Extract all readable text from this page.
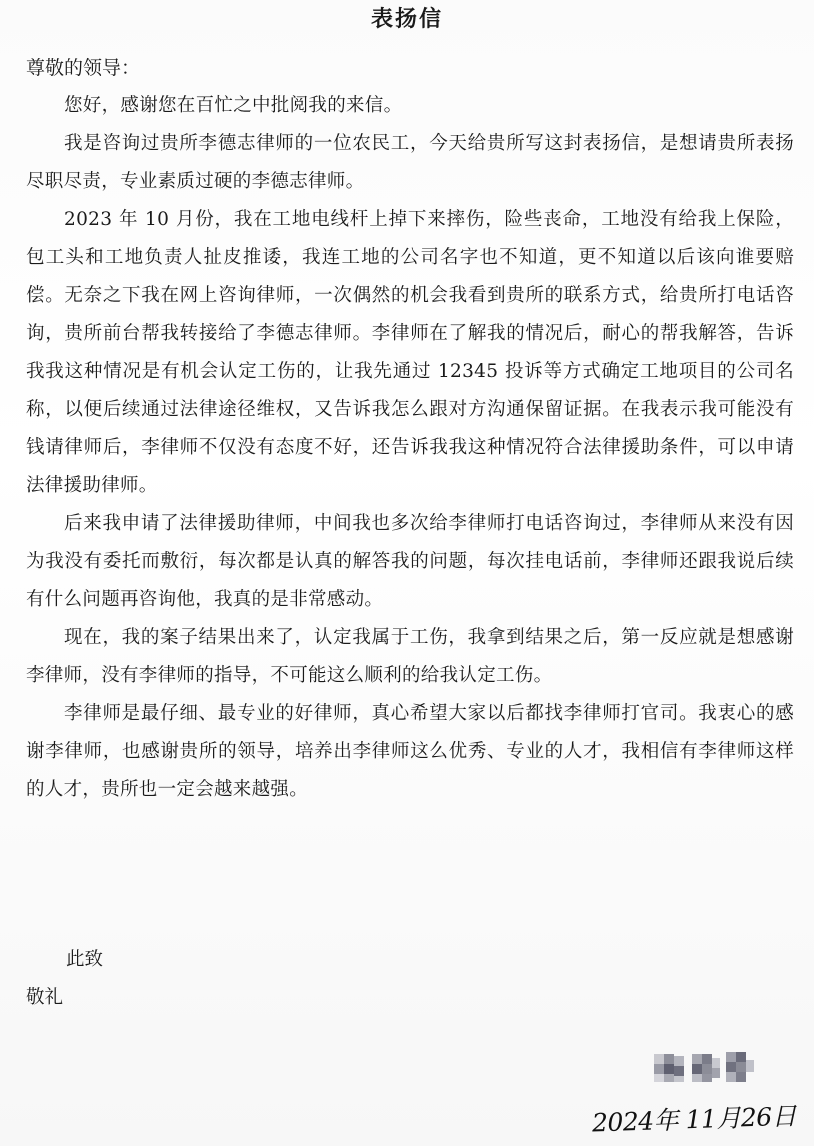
表扬信
尊敬的领导：

您好，感谢您在百忙之中批阅我的来信。

我是咨询过贵所李德志律师的一位农民工，今天给贵所写这封表扬信，是想请贵所表扬尽职尽责，专业素质过硬的李德志律师。

2023 年 10 月份，我在工地电线杆上掉下来摔伤，险些丧命，工地没有给我上保险，包工头和工地负责人扯皮推诿，我连工地的公司名字也不知道，更不知道以后该向谁要赔偿。无奈之下我在网上咨询律师，一次偶然的机会我看到贵所的联系方式，给贵所打电话咨询，贵所前台帮我转接给了李德志律师。李律师在了解我的情况后，耐心的帮我解答，告诉我我这种情况是有机会认定工伤的，让我先通过 12345 投诉等方式确定工地项目的公司名称，以便后续通过法律途径维权，又告诉我怎么跟对方沟通保留证据。在我表示我可能没有钱请律师后，李律师不仅没有态度不好，还告诉我我这种情况符合法律援助条件，可以申请法律援助律师。

后来我申请了法律援助律师，中间我也多次给李律师打电话咨询过，李律师从来没有因为我没有委托而敷衍，每次都是认真的解答我的问题，每次挂电话前，李律师还跟我说后续有什么问题再咨询他，我真的是非常感动。

现在，我的案子结果出来了，认定我属于工伤，我拿到结果之后，第一反应就是想感谢李律师，没有李律师的指导，不可能这么顺利的给我认定工伤。

李律师是最仔细、最专业的好律师，真心希望大家以后都找李律师打官司。我衷心的感谢李律师，也感谢贵所的领导，培养出李律师这么优秀、专业的人才，我相信有李律师这样的人才，贵所也一定会越来越强。

此致
敬礼
2024年 11月26日
